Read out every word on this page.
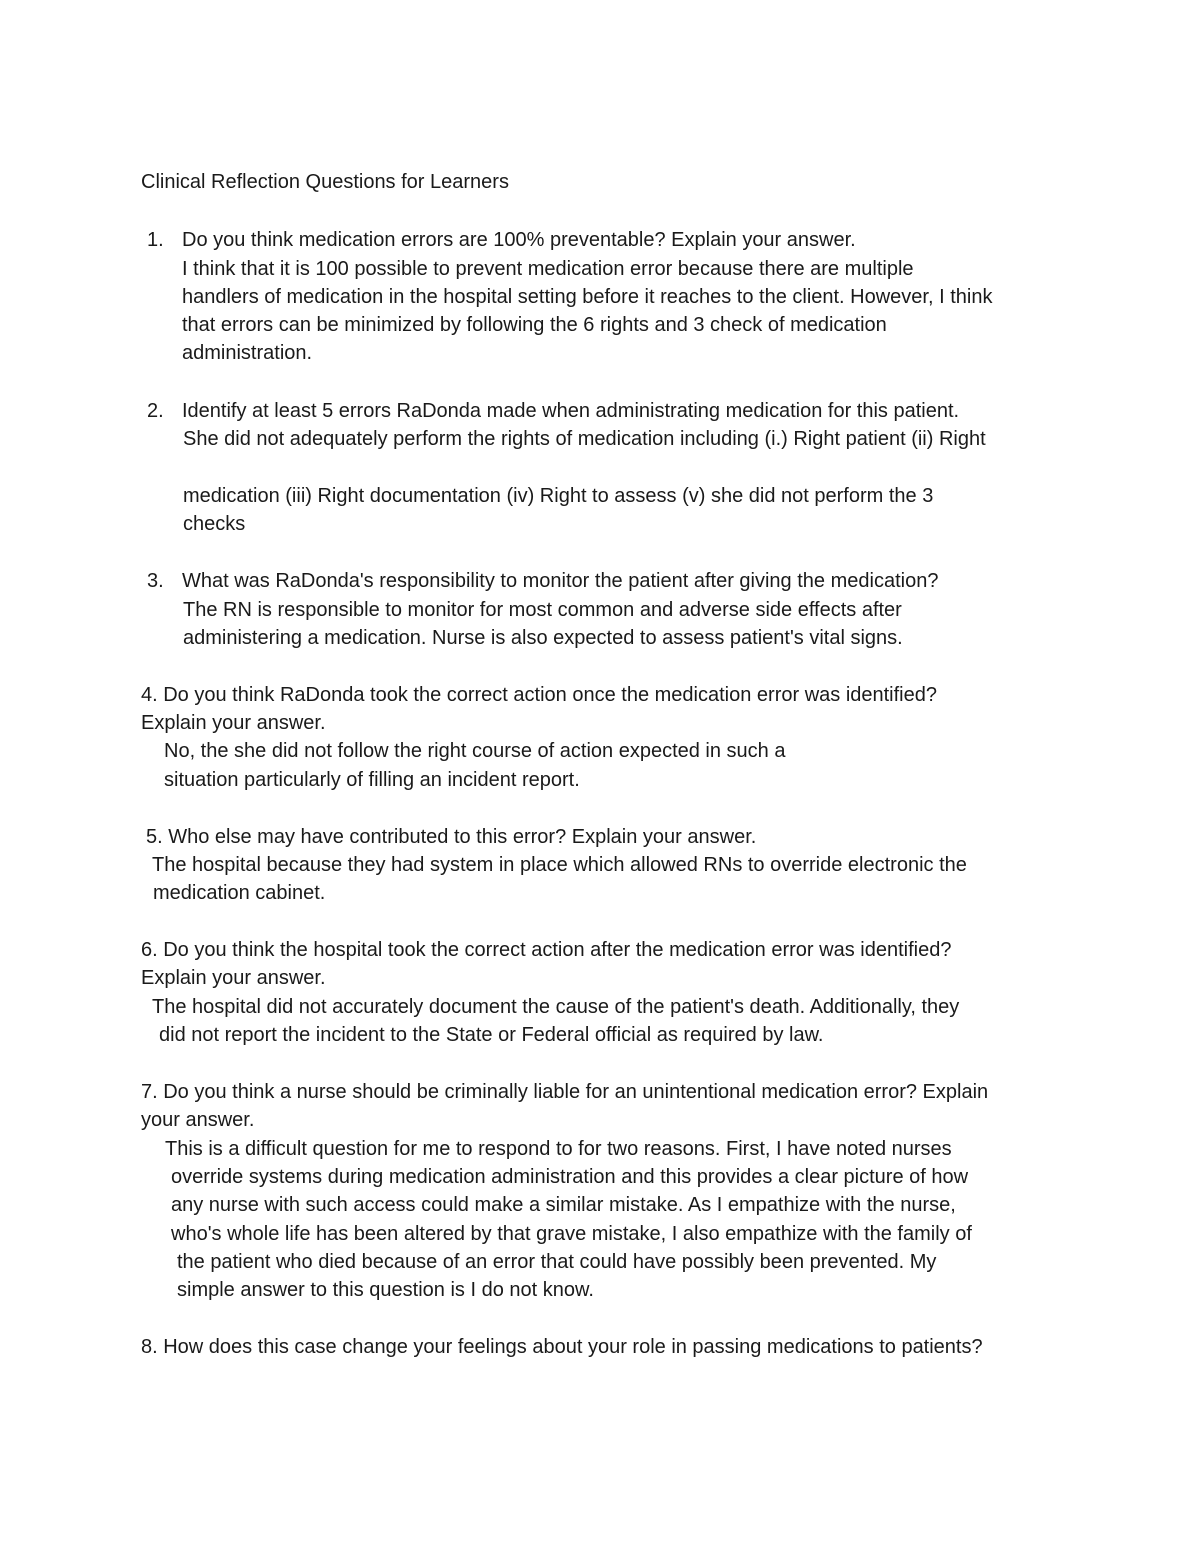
Clinical Reflection Questions for Learners
1. Do you think medication errors are 100% preventable? Explain your answer.
I think that it is 100 possible to prevent medication error because there are multiple
handlers of medication in the hospital setting before it reaches to the client. However, I think
that errors can be minimized by following the 6 rights and 3 check of medication
administration.
2. Identify at least 5 errors RaDonda made when administrating medication for this patient.
She did not adequately perform the rights of medication including (i.) Right patient (ii) Right
medication (iii) Right documentation (iv) Right to assess (v) she did not perform the 3
checks
3. What was RaDonda's responsibility to monitor the patient after giving the medication?
The RN is responsible to monitor for most common and adverse side effects after
administering a medication. Nurse is also expected to assess patient's vital signs.
4. Do you think RaDonda took the correct action once the medication error was identified?
Explain your answer.
No, the she did not follow the right course of action expected in such a
situation particularly of filling an incident report.
5. Who else may have contributed to this error? Explain your answer.
The hospital because they had system in place which allowed RNs to override electronic the
medication cabinet.
6. Do you think the hospital took the correct action after the medication error was identified?
Explain your answer.
The hospital did not accurately document the cause of the patient's death. Additionally, they
did not report the incident to the State or Federal official as required by law.
7. Do you think a nurse should be criminally liable for an unintentional medication error? Explain
your answer.
This is a difficult question for me to respond to for two reasons. First, I have noted nurses
override systems during medication administration and this provides a clear picture of how
any nurse with such access could make a similar mistake. As I empathize with the nurse,
who's whole life has been altered by that grave mistake, I also empathize with the family of
the patient who died because of an error that could have possibly been prevented. My
simple answer to this question is I do not know.
8. How does this case change your feelings about your role in passing medications to patients?
